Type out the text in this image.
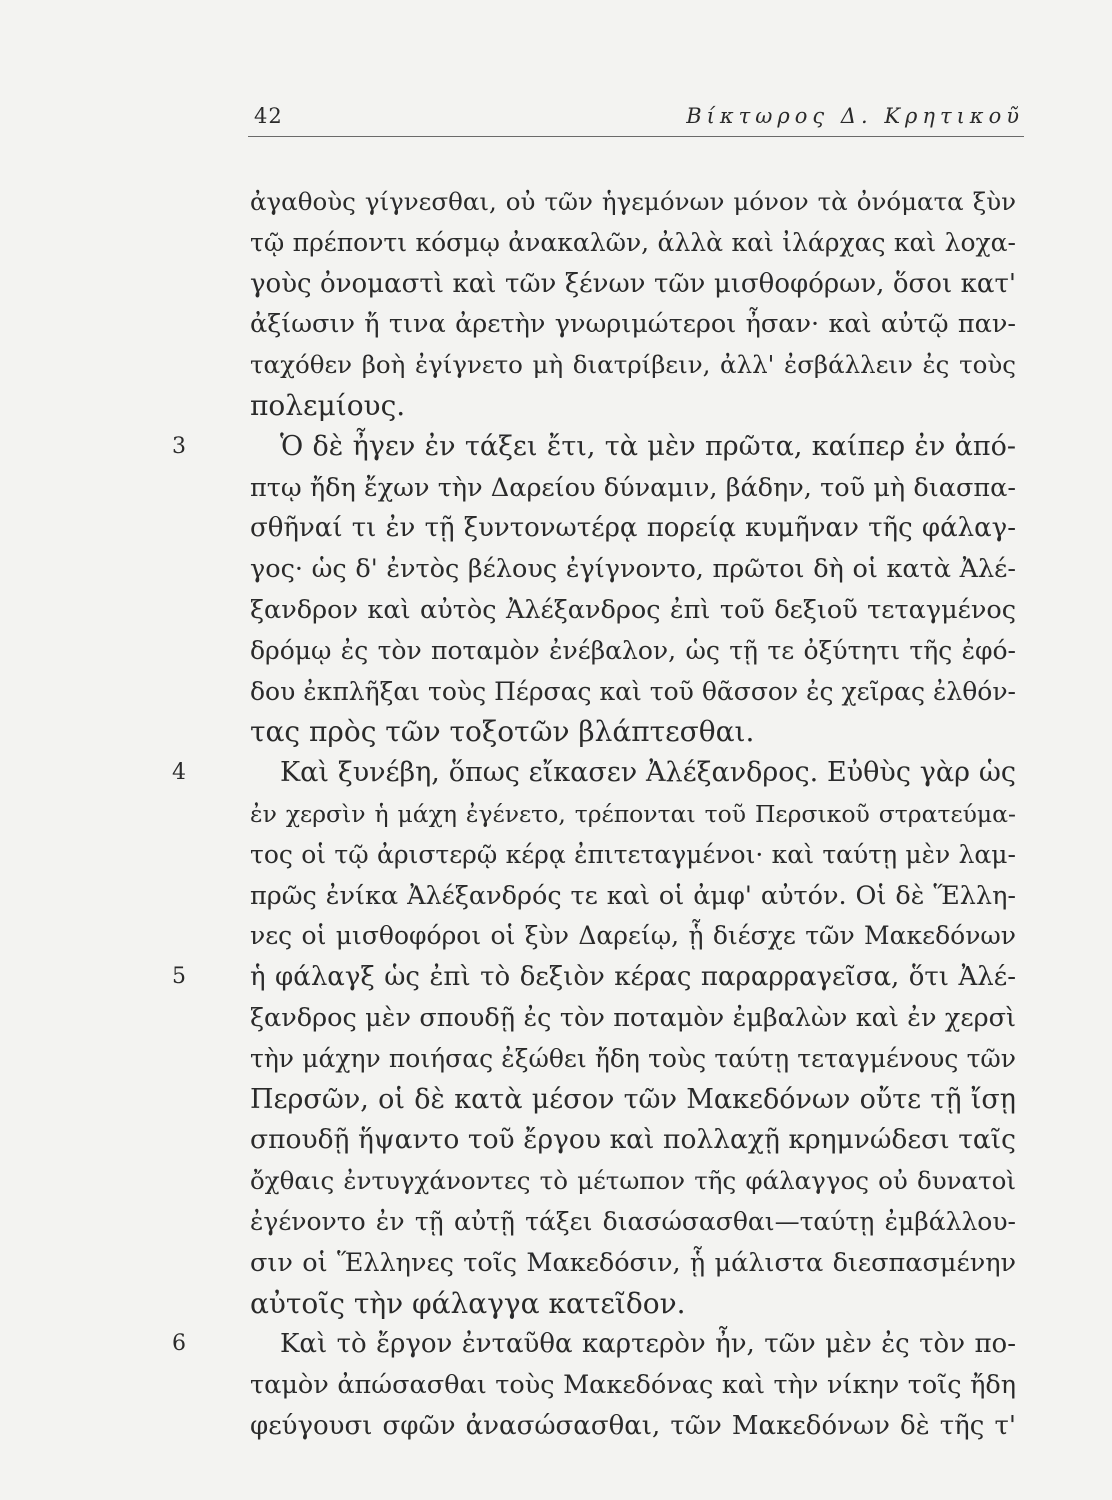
42	Βίκτωρος Δ. Κρητικοῦ
ἀγαθοὺς γίγνεσθαι, οὐ τῶν ἡγεμόνων μόνον τὰ ὀνόματα ξὺν
τῷ πρέποντι κόσμῳ ἀνακαλῶν, ἀλλὰ καὶ ἰλάρχας καὶ λοχα-
γοὺς ὀνομαστὶ καὶ τῶν ξένων τῶν μισθοφόρων, ὅσοι κατ'
ἀξίωσιν ἤ τινα ἀρετὴν γνωριμώτεροι ἦσαν· καὶ αὐτῷ παν-
ταχόθεν βοὴ ἐγίγνετο μὴ διατρίβειν, ἀλλ' ἐσβάλλειν ἐς τοὺς
πολεμίους.
3	Ὁ δὲ ἦγεν ἐν τάξει ἔτι, τὰ μὲν πρῶτα, καίπερ ἐν ἀπό-
πτῳ ἤδη ἔχων τὴν Δαρείου δύναμιν, βάδην, τοῦ μὴ διασπα-
σθῆναί τι ἐν τῇ ξυντονωτέρᾳ πορείᾳ κυμῆναν τῆς φάλαγ-
γος· ὡς δ' ἐντὸς βέλους ἐγίγνοντο, πρῶτοι δὴ οἱ κατὰ Ἀλέ-
ξανδρον καὶ αὐτὸς Ἀλέξανδρος ἐπὶ τοῦ δεξιοῦ τεταγμένος
δρόμῳ ἐς τὸν ποταμὸν ἐνέβαλον, ὡς τῇ τε ὀξύτητι τῆς ἐφό-
δου ἐκπλῆξαι τοὺς Πέρσας καὶ τοῦ θᾶσσον ἐς χεῖρας ἐλθόν-
τας πρὸς τῶν τοξοτῶν βλάπτεσθαι.
4	Καὶ ξυνέβη, ὅπως εἴκασεν Ἀλέξανδρος. Εὐθὺς γὰρ ὡς
ἐν χερσὶν ἡ μάχη ἐγένετο, τρέπονται τοῦ Περσικοῦ στρατεύμα-
τος οἱ τῷ ἀριστερῷ κέρᾳ ἐπιτεταγμένοι· καὶ ταύτῃ μὲν λαμ-
πρῶς ἐνίκα Ἀλέξανδρός τε καὶ οἱ ἀμφ' αὐτόν. Οἱ δὲ Ἕλλη-
νες οἱ μισθοφόροι οἱ ξὺν Δαρείῳ, ᾗ διέσχε τῶν Μακεδόνων
5 ἡ φάλαγξ ὡς ἐπὶ τὸ δεξιὸν κέρας παραρραγεῖσα, ὅτι Ἀλέ-
ξανδρος μὲν σπουδῇ ἐς τὸν ποταμὸν ἐμβαλὼν καὶ ἐν χερσὶ
τὴν μάχην ποιήσας ἐξώθει ἤδη τοὺς ταύτῃ τεταγμένους τῶν
Περσῶν, οἱ δὲ κατὰ μέσον τῶν Μακεδόνων οὔτε τῇ ἴσῃ
σπουδῇ ἥψαντο τοῦ ἔργου καὶ πολλαχῇ κρημνώδεσι ταῖς
ὄχθαις ἐντυγχάνοντες τὸ μέτωπον τῆς φάλαγγος οὐ δυνατοὶ
ἐγένοντο ἐν τῇ αὐτῇ τάξει διασώσασθαι—ταύτῃ ἐμβάλλου-
σιν οἱ Ἕλληνες τοῖς Μακεδόσιν, ᾗ μάλιστα διεσπασμένην
αὐτοῖς τὴν φάλαγγα κατεῖδον.
6	Καὶ τὸ ἔργον ἐνταῦθα καρτερὸν ἦν, τῶν μὲν ἐς τὸν πο-
ταμὸν ἀπώσασθαι τοὺς Μακεδόνας καὶ τὴν νίκην τοῖς ἤδη
φεύγουσι σφῶν ἀνασώσασθαι, τῶν Μακεδόνων δὲ τῆς τ'
